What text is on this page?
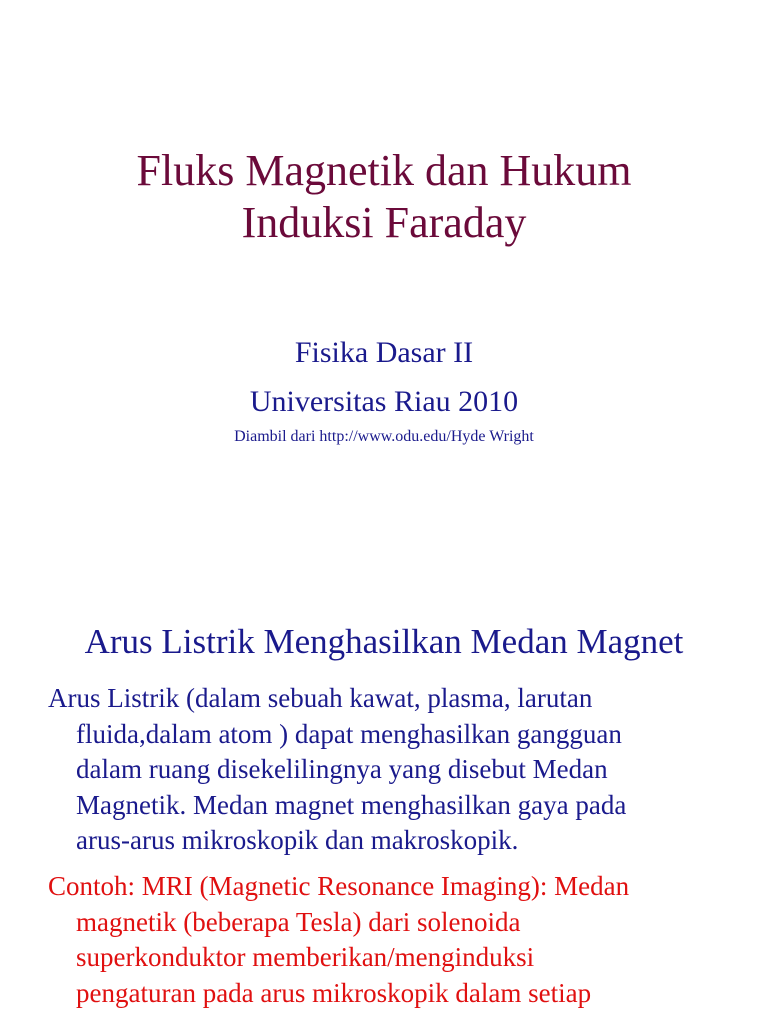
Fluks Magnetik dan Hukum
Induksi Faraday
Fisika Dasar II
Universitas Riau 2010
Diambil dari http://www.odu.edu/Hyde Wright
Arus Listrik Menghasilkan Medan Magnet
Arus Listrik (dalam sebuah kawat, plasma, larutan
fluida,dalam atom ) dapat menghasilkan gangguan
dalam ruang disekelilingnya yang disebut Medan
Magnetik. Medan magnet menghasilkan gaya pada
arus-arus mikroskopik dan makroskopik.
Contoh: MRI (Magnetic Resonance Imaging): Medan
magnetik (beberapa Tesla) dari solenoida
superkonduktor memberikan/menginduksi
pengaturan pada arus mikroskopik dalam setiap
